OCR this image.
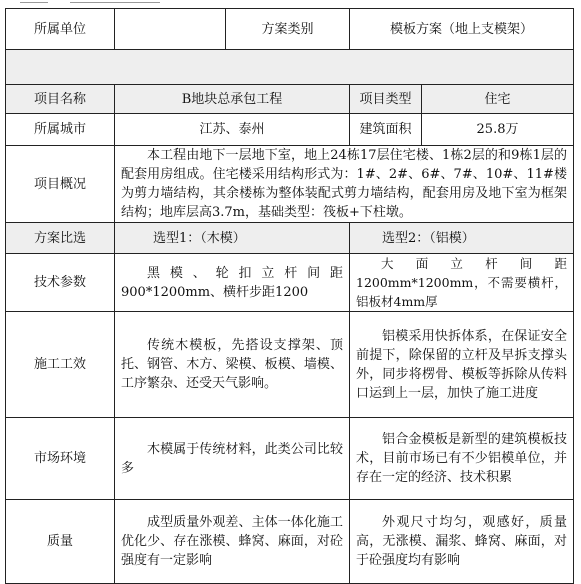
所属单位		方案类别	模板方案（地上支模架）	

项目名称	B地块总承包工程		项目类型	住宅
所属城市	江苏、泰州		建筑面积	25.8万
项目概况	本工程由地下一层地下室，地上24栋17层住宅楼、1栋2层的和9栋1层的配套用房组成。住宅楼采用结构形式为：1#、2#、6#、7#、10#、11#楼为剪力墙结构，其余楼栋为整体装配式剪力墙结构，配套用房及地下室为框架结构；地库层高3.7m，基础类型：筏板+下柱墩。			
方案比选	选型1：（木模）		选型2：（铝模）	
技术参数	黑模、轮扣立杆间距900*1200mm、横杆步距1200		大面立杆间距1200mm*1200mm，不需要横杆，铝板材4mm厚	
施工工效	传统木模板，先搭设支撑架、顶托、钢管、木方、梁模、板模、墙模、工序繁杂、还受天气影响。		铝模采用快拆体系，在保证安全前提下，除保留的立杆及早拆支撑头外，同步将楞骨、模板等拆除从传料口运到上一层，加快了施工进度	
市场环境	木模属于传统材料，此类公司比较多		铝合金模板是新型的建筑模板技术，目前市场已有不少铝模单位，并存在一定的经济、技术积累	
质量	成型质量外观差、主体一体化施工优化少、存在涨模、蜂窝、麻面，对砼强度有一定影响		外观尺寸均匀，观感好，质量高，无涨模、漏浆、蜂窝、麻面，对于砼强度均有影响	
